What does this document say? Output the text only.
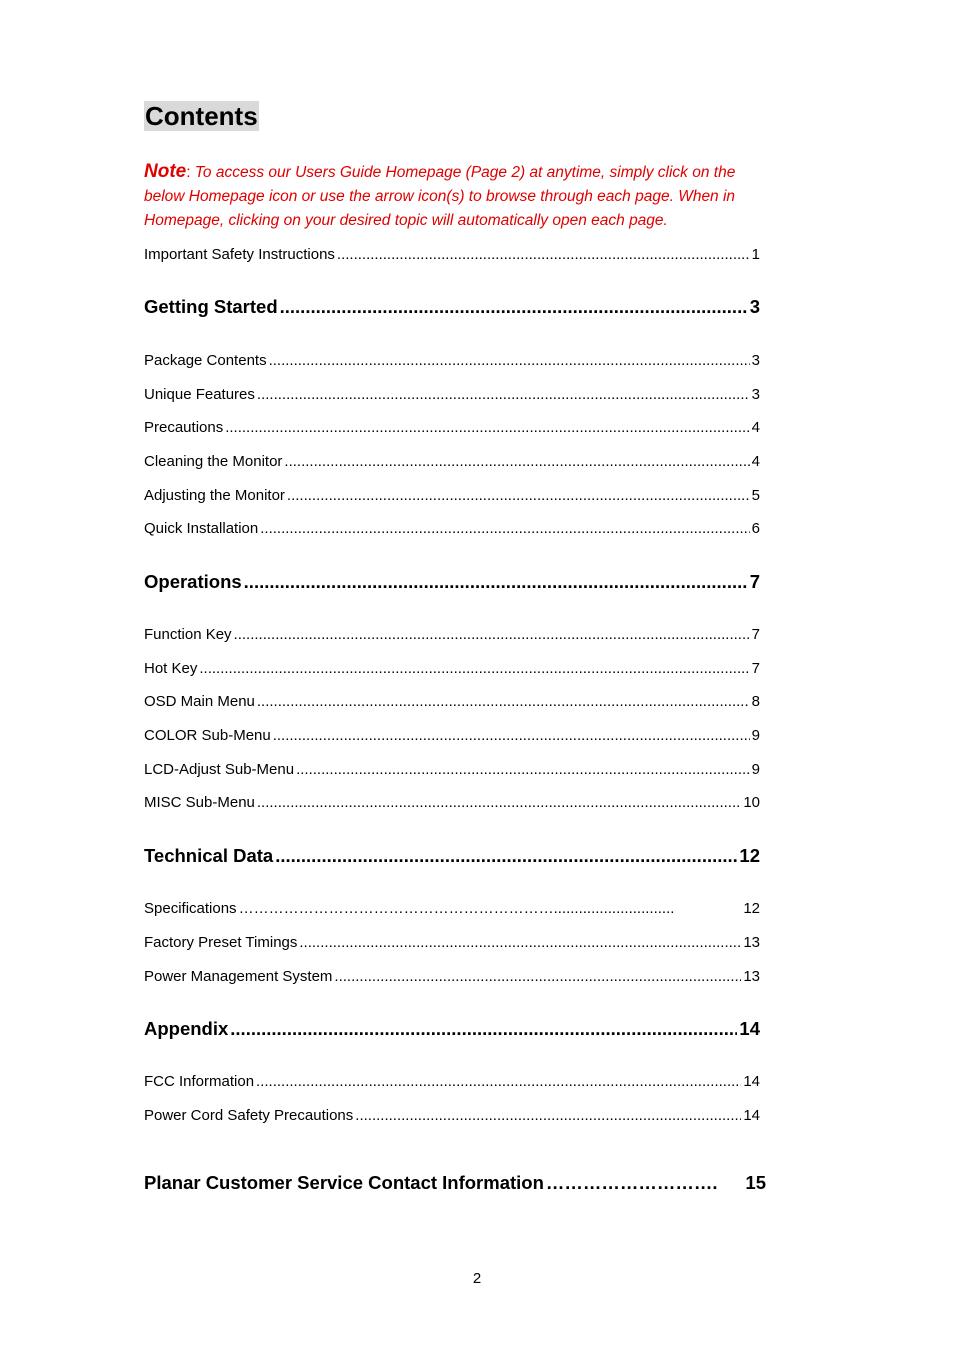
Contents
Note: To access our Users Guide Homepage (Page 2) at anytime, simply click on the below Homepage icon or use the arrow icon(s) to browse through each page. When in Homepage, clicking on your desired topic will automatically open each page.
Important Safety Instructions .....	1
Getting Started .....	3
Package Contents .....	3
Unique Features .....	3
Precautions .....	4
Cleaning the Monitor .....	4
Adjusting the Monitor .....	5
Quick Installation .....	6
Operations .....	7
Function Key .....	7
Hot Key .....	7
OSD Main Menu .....	8
COLOR Sub-Menu .....	9
LCD-Adjust Sub-Menu .....	9
MISC Sub-Menu .....	10
Technical Data .....	12
Specifications ……………………………………………………….............................	12
Factory Preset Timings .....	13
Power Management System .....	13
Appendix .....	14
FCC Information .....	14
Power Cord Safety Precautions .....	14
Planar Customer Service Contact Information ……………………….	15
2
